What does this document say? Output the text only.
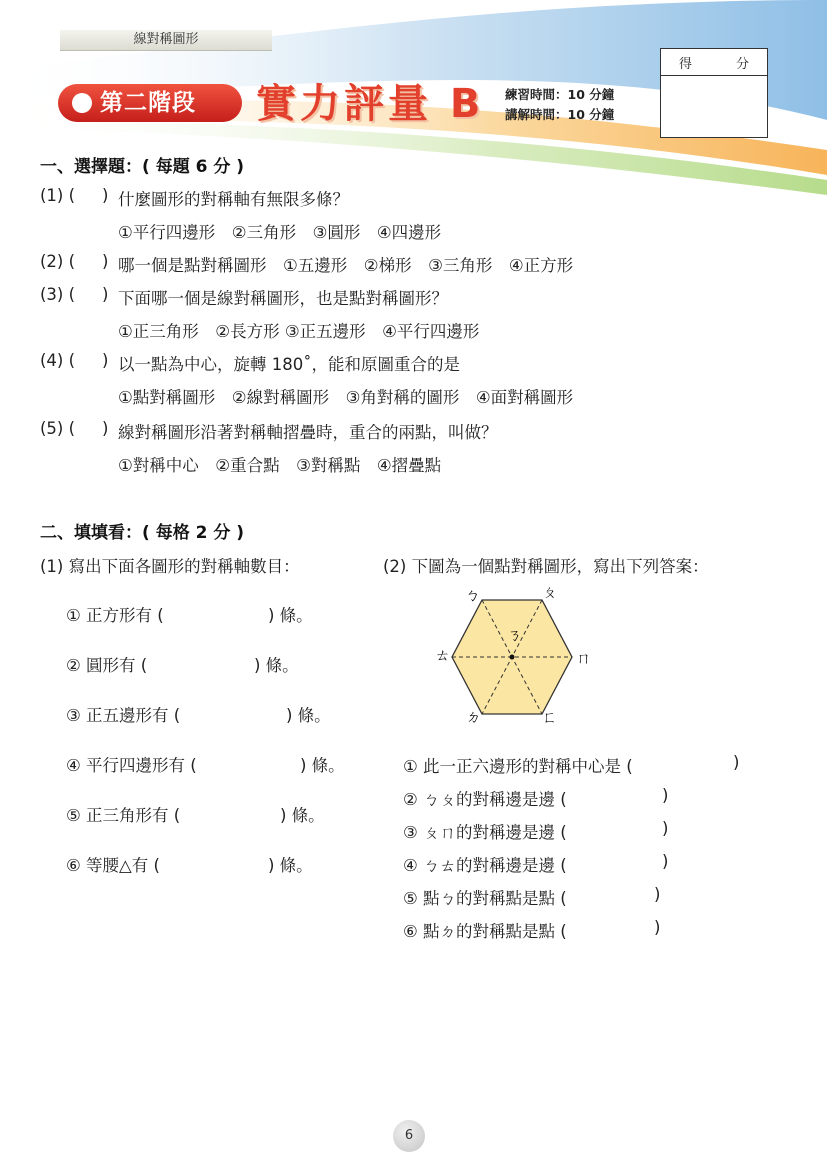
線對稱圖形
第二階段 實力評量 B 練習時間：10 分鐘
講解時間：10 分鐘
得	分
一、選擇題：( 每題 6 分 )
(1) ( ) 什麼圖形的對稱軸有無限多條？
①平行四邊形　②三角形　③圓形　④四邊形
(2) ( ) 哪一個是點對稱圖形　①五邊形　②梯形　③三角形　④正方形
(3) ( ) 下面哪一個是線對稱圖形，也是點對稱圖形？
①正三角形　②長方形 ③正五邊形　④平行四邊形
(4) ( ) 以一點為中心，旋轉 180˚，能和原圖重合的是
①點對稱圖形　②線對稱圖形　③角對稱的圖形　④面對稱圖形
(5) ( ) 線對稱圖形沿著對稱軸摺疊時，重合的兩點，叫做？
①對稱中心　②重合點　③對稱點　④摺疊點
二、填填看：( 每格 2 分 )
(1) 寫出下面各圖形的對稱軸數目：	(2) 下圖為一個點對稱圖形，寫出下列答案：
① 正方形有 (	) 條。
② 圓形有 (	) 條。
③ 正五邊形有 (	) 條。
④ 平行四邊形有 (	) 條。
⑤ 正三角形有 (	) 條。
⑥ 等腰△有 (	) 條。
ㄅ	ㄆ
ㄇ
ㄈ
ㄉ
ㄊ
ㄋ
① 此一正六邊形的對稱中心是 (	)
② ㄅㄆ的對稱邊是邊 (	)
③ ㄆㄇ的對稱邊是邊 (	)
④ ㄅㄊ的對稱邊是邊 (	)
⑤ 點ㄅ的對稱點是點 (	)
⑥ 點ㄉ的對稱點是點 (	)
6
